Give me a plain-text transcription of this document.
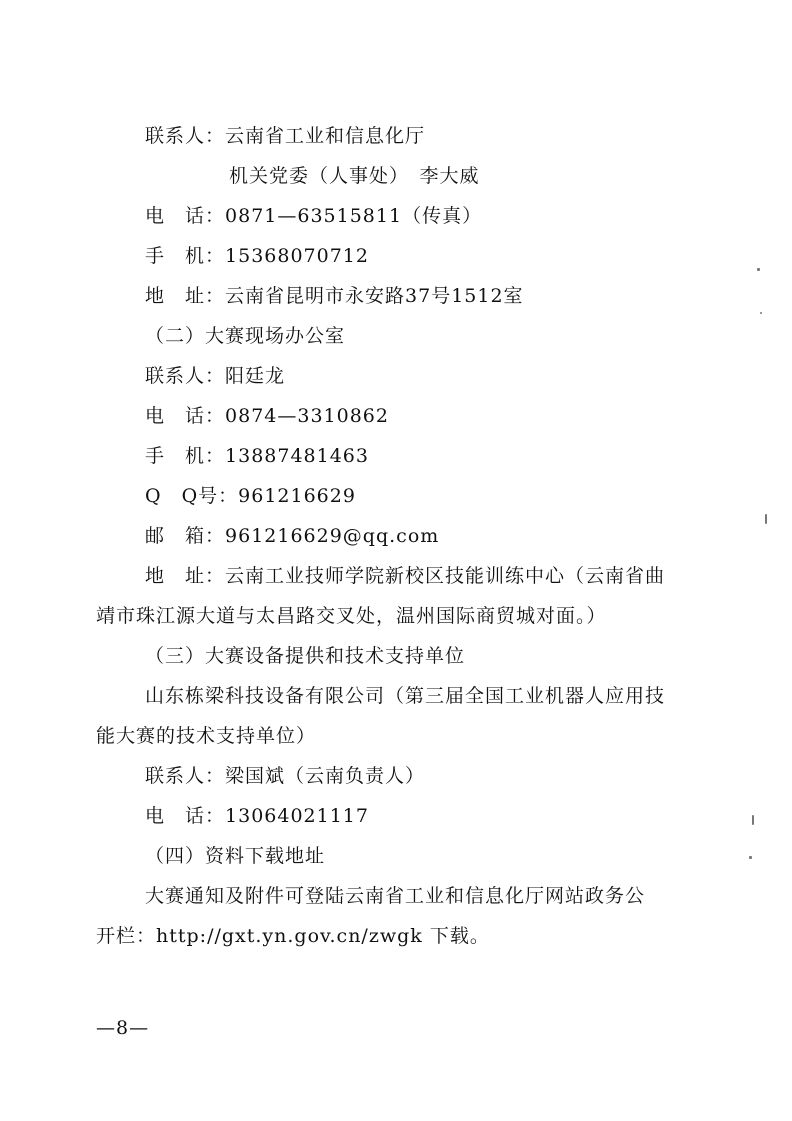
联系人：云南省工业和信息化厅
机关党委（人事处）　李大威
电　话：0871—63515811（传真）
手　机：15368070712
地　址：云南省昆明市永安路37号1512室
（二）大赛现场办公室
联系人：阳廷龙
电　话：0874—3310862
手　机：13887481463
Q　Q号：961216629
邮　箱：961216629@qq.com
地　址：云南工业技师学院新校区技能训练中心（云南省曲
靖市珠江源大道与太昌路交叉处，温州国际商贸城对面。）
（三）大赛设备提供和技术支持单位
山东栋梁科技设备有限公司（第三届全国工业机器人应用技
能大赛的技术支持单位）
联系人：梁国斌（云南负责人）
电　话：13064021117
（四）资料下载地址
大赛通知及附件可登陆云南省工业和信息化厅网站政务公
开栏：http://gxt.yn.gov.cn/zwgk 下载。
—8—
